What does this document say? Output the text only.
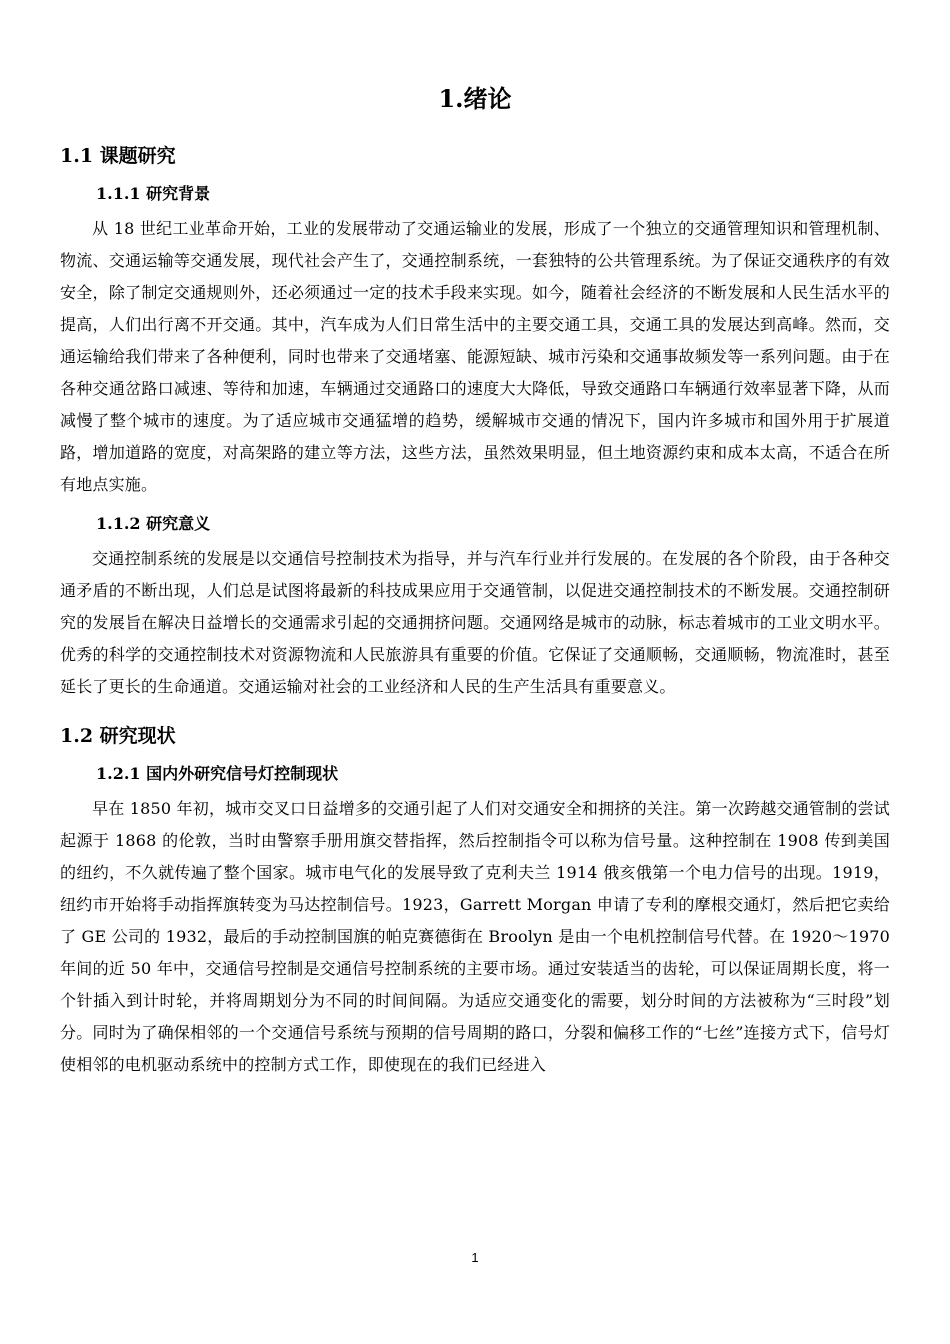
1.绪论
1.1 课题研究
1.1.1 研究背景

从 18 世纪工业革命开始，工业的发展带动了交通运输业的发展，形成了一个独立的交通管理知识和管理机制、物流、交通运输等交通发展，现代社会产生了，交通控制系统，一套独特的公共管理系统。为了保证交通秩序的有效安全，除了制定交通规则外，还必须通过一定的技术手段来实现。如今，随着社会经济的不断发展和人民生活水平的提高，人们出行离不开交通。其中，汽车成为人们日常生活中的主要交通工具，交通工具的发展达到高峰。然而，交通运输给我们带来了各种便利，同时也带来了交通堵塞、能源短缺、城市污染和交通事故频发等一系列问题。由于在各种交通岔路口减速、等待和加速，车辆通过交通路口的速度大大降低，导致交通路口车辆通行效率显著下降，从而减慢了整个城市的速度。为了适应城市交通猛增的趋势，缓解城市交通的情况下，国内许多城市和国外用于扩展道路，增加道路的宽度，对高架路的建立等方法，这些方法，虽然效果明显，但土地资源约束和成本太高，不适合在所有地点实施。

1.1.2 研究意义

交通控制系统的发展是以交通信号控制技术为指导，并与汽车行业并行发展的。在发展的各个阶段，由于各种交通矛盾的不断出现，人们总是试图将最新的科技成果应用于交通管制，以促进交通控制技术的不断发展。交通控制研究的发展旨在解决日益增长的交通需求引起的交通拥挤问题。交通网络是城市的动脉，标志着城市的工业文明水平。优秀的科学的交通控制技术对资源物流和人民旅游具有重要的价值。它保证了交通顺畅，交通顺畅，物流准时，甚至延长了更长的生命通道。交通运输对社会的工业经济和人民的生产生活具有重要意义。

1.2 研究现状
1.2.1 国内外研究信号灯控制现状

早在 1850 年初，城市交叉口日益增多的交通引起了人们对交通安全和拥挤的关注。第一次跨越交通管制的尝试起源于 1868 的伦敦，当时由警察手册用旗交替指挥，然后控制指令可以称为信号量。这种控制在 1908 传到美国的纽约，不久就传遍了整个国家。城市电气化的发展导致了克利夫兰 1914 俄亥俄第一个电力信号的出现。1919，纽约市开始将手动指挥旗转变为马达控制信号。1923，Garrett Morgan 申请了专利的摩根交通灯，然后把它卖给了 GE 公司的 1932，最后的手动控制国旗的帕克赛德街在 Broolyn 是由一个电机控制信号代替。在 1920～1970 年间的近 50 年中，交通信号控制是交通信号控制系统的主要市场。通过安装适当的齿轮，可以保证周期长度，将一个针插入到计时轮，并将周期划分为不同的时间间隔。为适应交通变化的需要，划分时间的方法被称为“三时段”划分。同时为了确保相邻的一个交通信号系统与预期的信号周期的路口，分裂和偏移工作的“七丝”连接方式下，信号灯使相邻的电机驱动系统中的控制方式工作，即使现在的我们已经进入

1
